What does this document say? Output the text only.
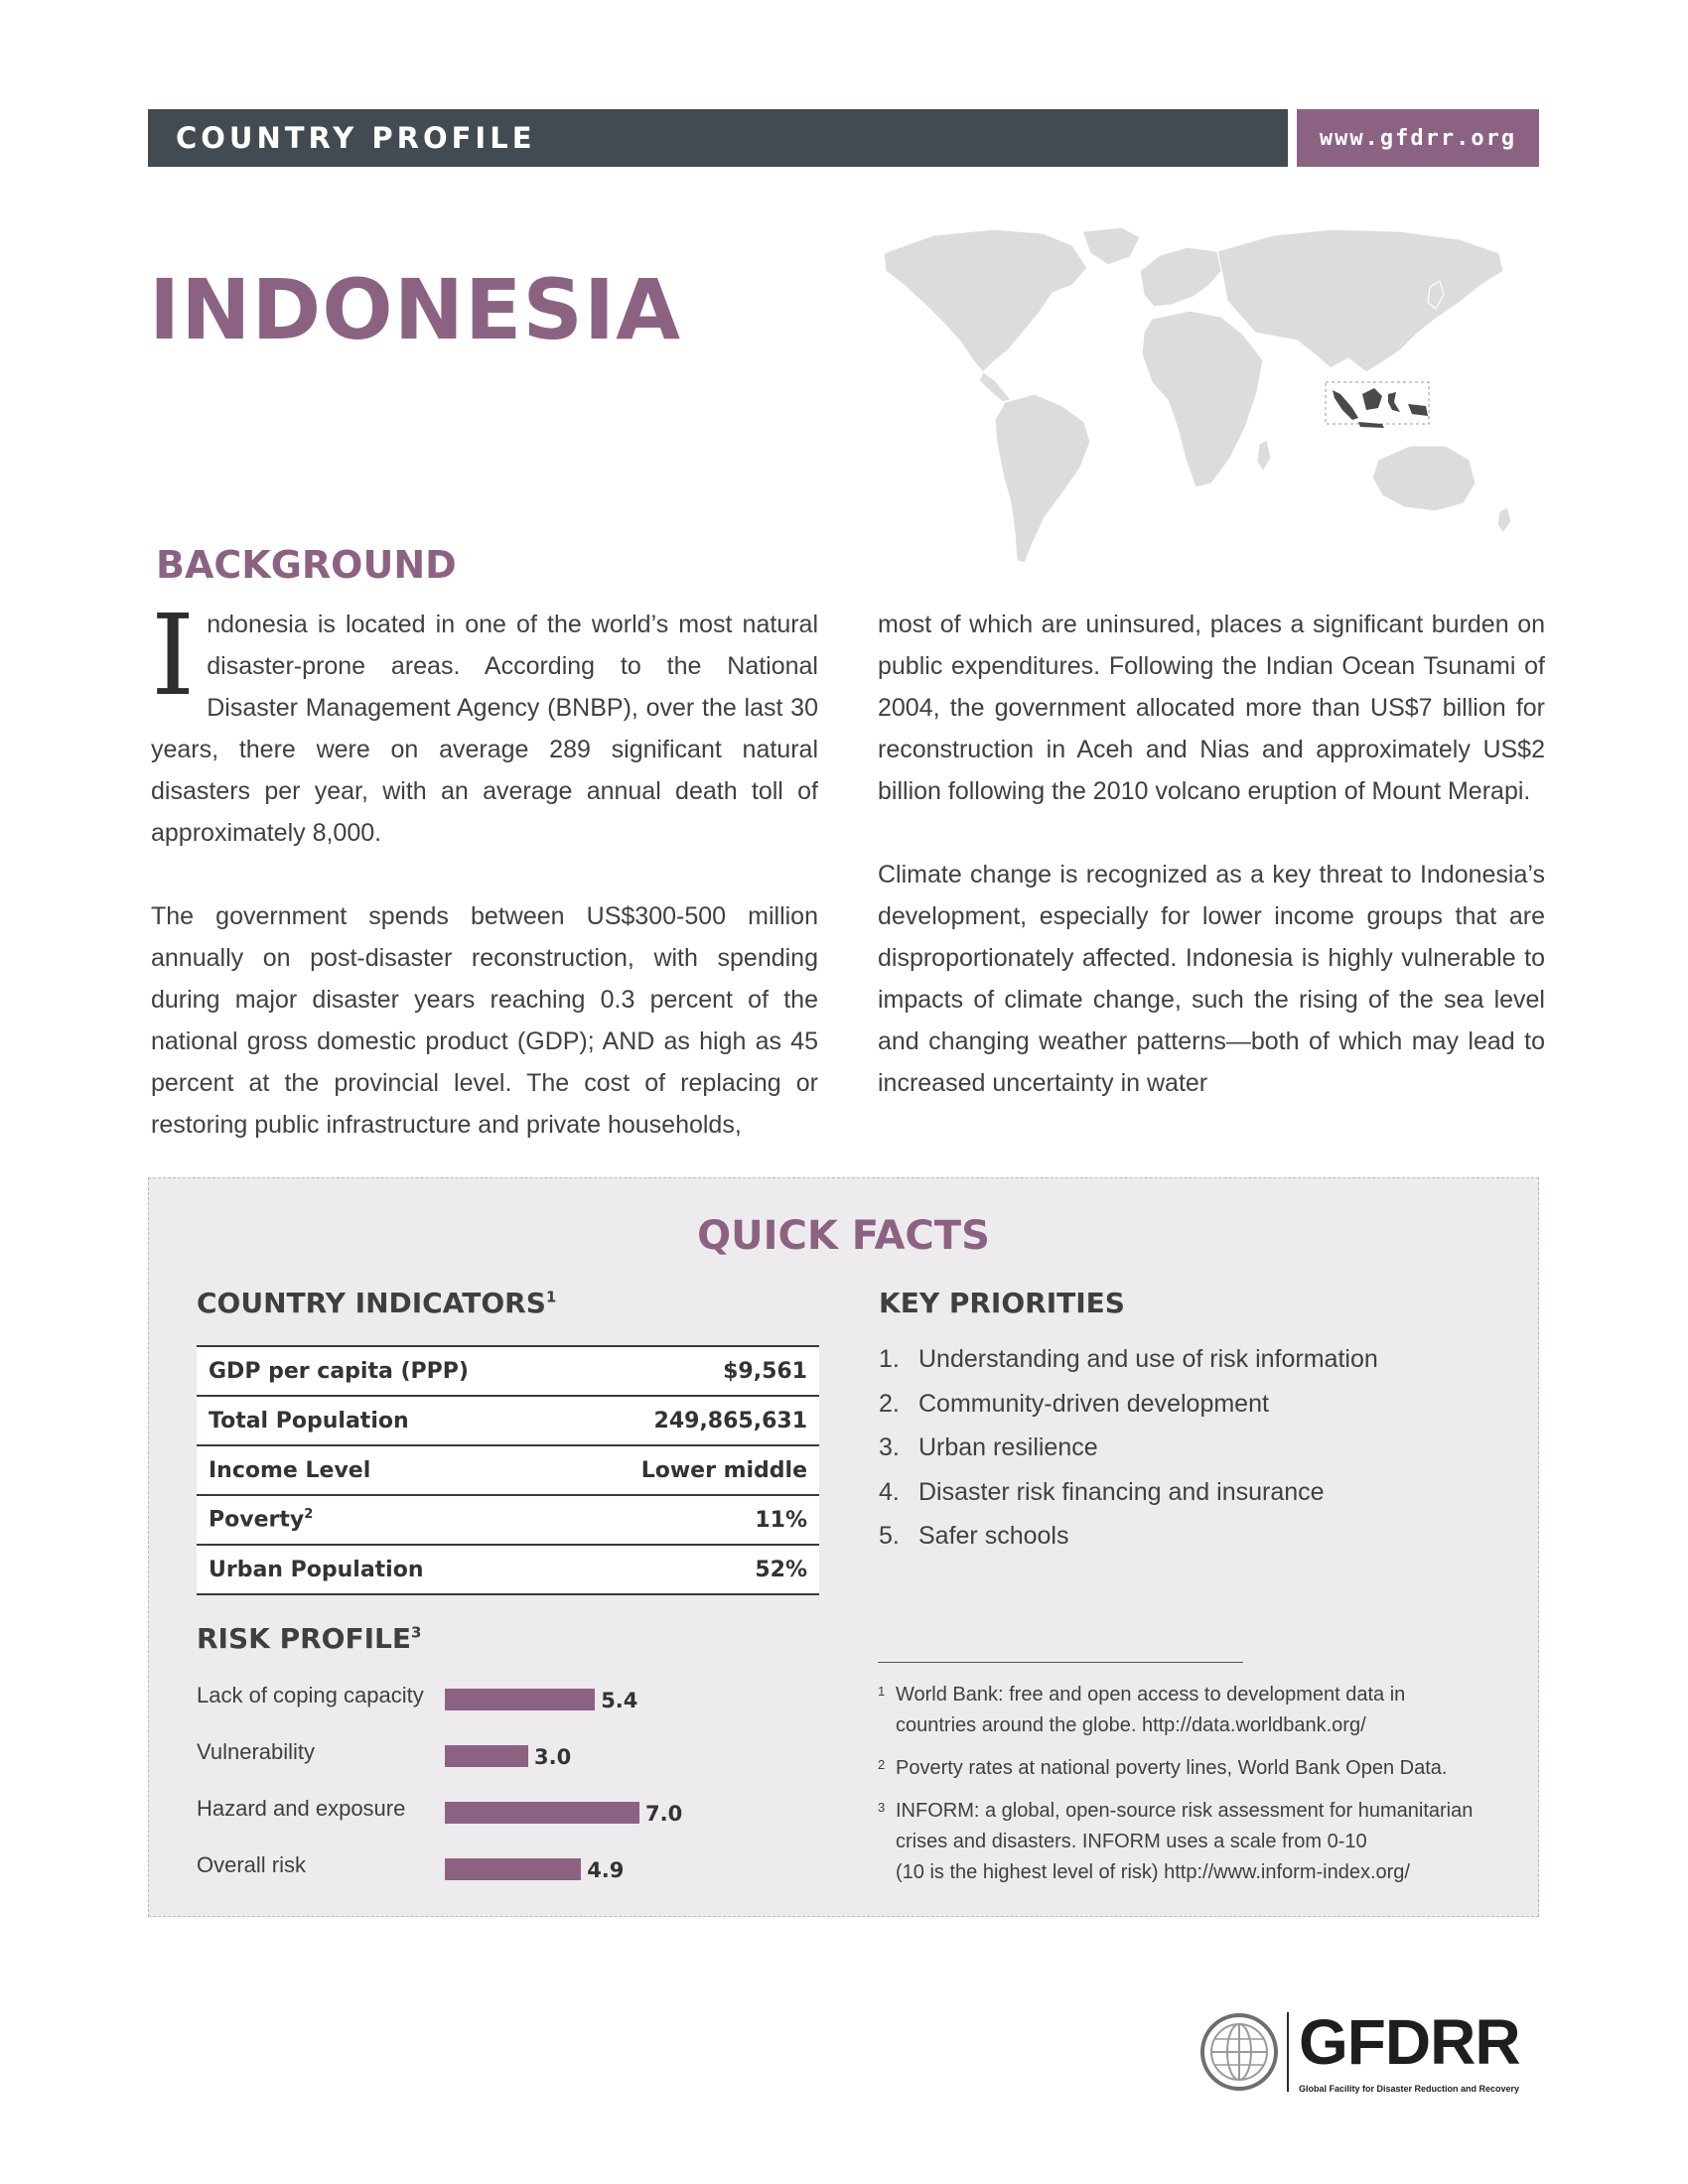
COUNTRY PROFILE	www.gfdrr.org
INDONESIA
BACKGROUND

Indonesia is located in one of the world’s most natural disaster-prone areas. According to the National Disaster Management Agency (BNBP), over the last 30 years, there were on average 289 significant natural disasters per year, with an average annual death toll of approximately 8,000.

The government spends between US$300-500 million annually on post-disaster reconstruction, with spending during major disaster years reaching 0.3 percent of the national gross domestic product (GDP); AND as high as 45 percent at the provincial level. The cost of replacing or restoring public infrastructure and private households,

most of which are uninsured, places a significant burden on public expenditures. Following the Indian Ocean Tsunami of 2004, the government allocated more than US$7 billion for reconstruction in Aceh and Nias and approximately US$2 billion following the 2010 volcano eruption of Mount Merapi.

Climate change is recognized as a key threat to Indonesia’s development, especially for lower income groups that are disproportionately affected. Indonesia is highly vulnerable to impacts of climate change, such the rising of the sea level and changing weather patterns—both of which may lead to increased uncertainty in water

QUICK FACTS
COUNTRY INDICATORS$^1$
GDP per capita (PPP)	$9,561
Total Population	249,865,631
Income Level	Lower middle
Poverty$^2$	11%
Urban Population	52%
KEY PRIORITIES
1. Understanding and use of risk information
2. Community-driven development
3. Urban resilience
4. Disaster risk financing and insurance
5. Safer schools
RISK PROFILE$^3$
Lack of coping capacity	5.4
Vulnerability	3.0
Hazard and exposure	7.0
Overall risk	4.9
1 World Bank: free and open access to development data in
countries around the globe. http://data.worldbank.org/
2 Poverty rates at national poverty lines, World Bank Open Data.
3 INFORM: a global, open-source risk assessment for humanitarian
crises and disasters. INFORM uses a scale from 0-10
(10 is the highest level of risk) http://www.inform-index.org/
GFDRR
Global Facility for Disaster Reduction and Recovery
